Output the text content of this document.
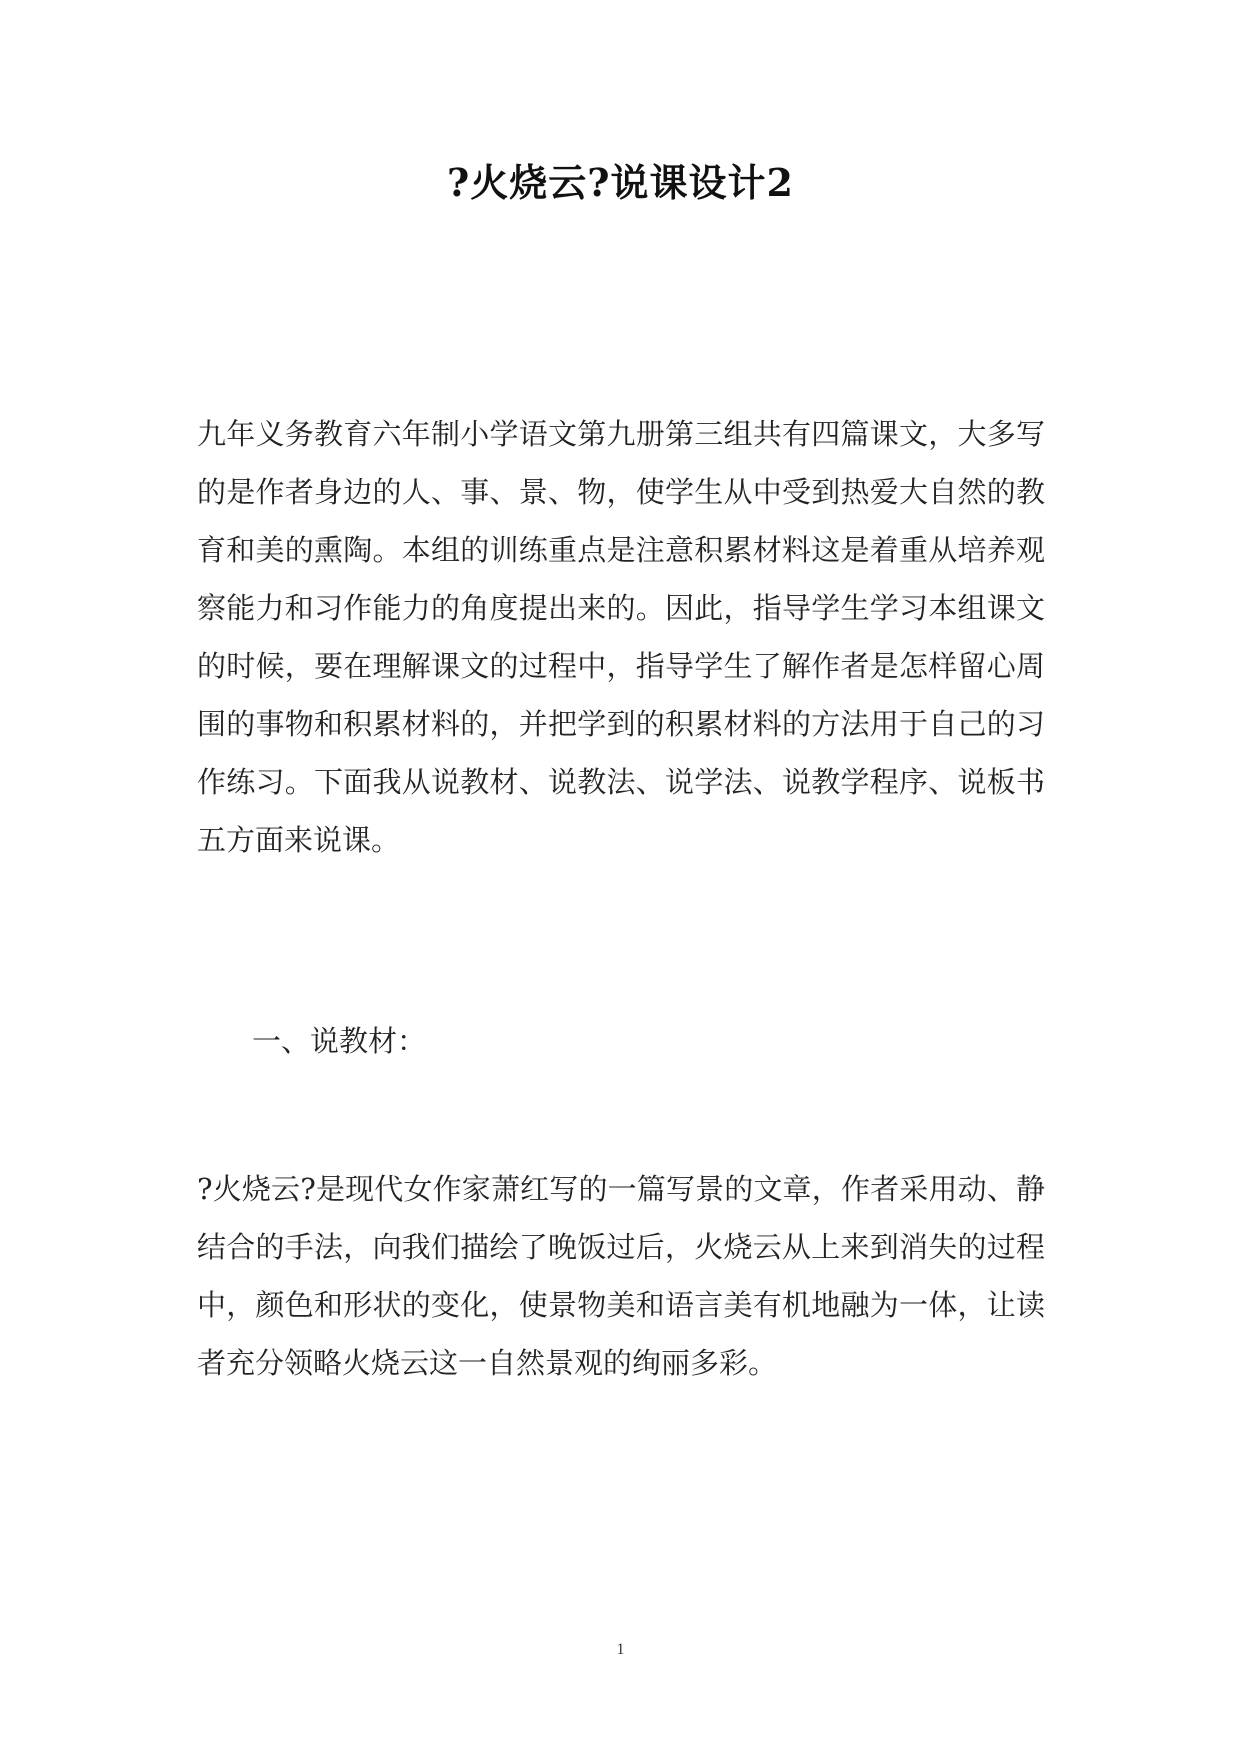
?火烧云?说课设计2
九年义务教育六年制小学语文第九册第三组共有四篇课文，大多写
的是作者身边的人、事、景、物，使学生从中受到热爱大自然的教
育和美的熏陶。本组的训练重点是注意积累材料这是着重从培养观
察能力和习作能力的角度提出来的。因此，指导学生学习本组课文
的时候，要在理解课文的过程中，指导学生了解作者是怎样留心周
围的事物和积累材料的，并把学到的积累材料的方法用于自己的习
作练习。下面我从说教材、说教法、说学法、说教学程序、说板书
五方面来说课。
一、说教材：
?火烧云?是现代女作家萧红写的一篇写景的文章，作者采用动、静
结合的手法，向我们描绘了晚饭过后，火烧云从上来到消失的过程
中，颜色和形状的变化，使景物美和语言美有机地融为一体，让读
者充分领略火烧云这一自然景观的绚丽多彩。
1
